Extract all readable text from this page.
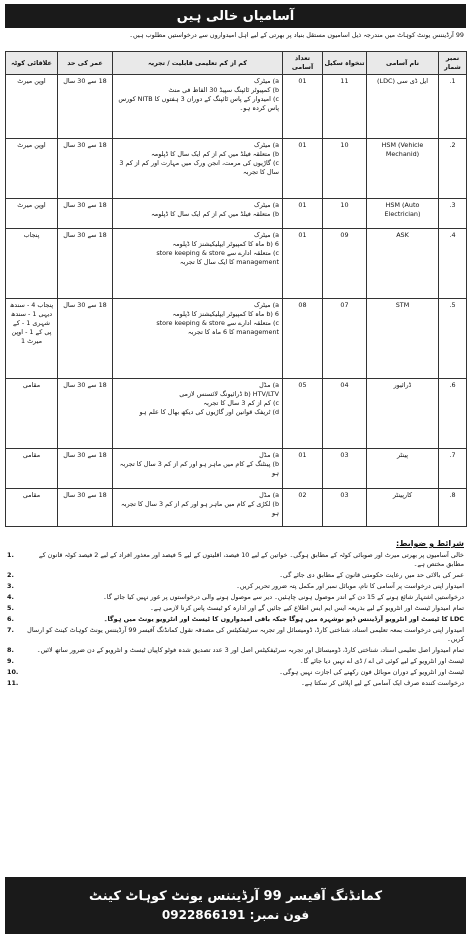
آسامیاں خالی ہیں
99 آرڈیننس یونٹ کوہاٹ میں مندرجہ ذیل اسامیوں مستقل بنیاد پر بھرتی کے لیے اہل امیدواروں سے درخواستیں مطلوب ہیں۔
نمبر شمار	نام آسامی	تنخواہ سکیل	تعداد آسامی	کم از کم تعلیمی قابلیت / تجربہ	عمر کی حد	علاقائی کوٹہ
1.	ایل ڈی سی (LDC)	11	01	a) میٹرک

b) کمپیوٹر ٹائپنگ سپیڈ 30 الفاظ فی منٹ

c) امیدوار کے پاس ٹائپنگ کے دوران 3 ہفتوں کا NITB کورس پاس کردہ ہو۔	18 سے 30 سال	اوپن میرٹ
2.	HSM (Vehicle Mechanid)	10	01	a) میٹرک

b) متعلقہ فیلڈ میں کم از کم ایک سال کا ڈپلومہ

c) گاڑیوں کی مرمت، انجن ورک میں مہارت اور کم از کم 3 سال کا تجربہ	18 سے 30 سال	اوپن میرٹ
3.	HSM (Auto Electrician)	10	01	a) میٹرک

b) متعلقہ فیلڈ میں کم از کم ایک سال کا ڈپلومہ	18 سے 30 سال	اوپن میرٹ
4.	ASK	09	01	a) میٹرک

b) 6 ماہ کا کمپیوٹر ایپلیکیشنز کا ڈپلومہ

c) متعلقہ ادارے سے store keeping & store management کا ایک سال کا تجربہ	18 سے 30 سال	پنجاب
5.	STM	07	08	a) میٹرک

b) 6 ماہ کا کمپیوٹر ایپلیکیشنز کا ڈپلومہ

c) متعلقہ ادارے سے store keeping & store management کا 6 ماہ کا تجربہ	18 سے 30 سال	پنجاب 4 - سندھ دیہی 1 - سندھ شہری 1 - کے پی کے 1 - اوپن میرٹ 1
6.	ڈرائیور	04	05	a) مڈل

b) HTV/LTV ڈرائیونگ لائسنس لازمی

c) کم از کم 3 سال کا تجربہ

d) ٹریفک قوانین اور گاڑیوں کی دیکھ بھال کا علم ہو	18 سے 30 سال	مقامی
7.	پینٹر	03	01	a) مڈل

b) پینٹنگ کے کام میں ماہر ہو اور کم از کم 3 سال کا تجربہ ہو	18 سے 30 سال	مقامی
8.	کارپینٹر	03	02	a) مڈل

b) لکڑی کے کام میں ماہر ہو اور کم از کم 3 سال کا تجربہ ہو	18 سے 30 سال	مقامی
شرائط و ضوابط:
خالی آسامیوں پر بھرتی میرٹ اور صوبائی کوٹہ کے مطابق ہوگی۔ خواتین کے لیے 10 فیصد، اقلیتوں کے لیے 5 فیصد اور معذور افراد کے لیے 2 فیصد کوٹہ قانون کے مطابق مختص ہے۔
1.
عمر کی بالائی حد میں رعایت حکومتی قانون کے مطابق دی جائے گی۔
2.
امیدوار اپنی درخواست پر آسامی کا نام، موبائل نمبر اور مکمل پتہ ضرور تحریر کریں۔
3.
درخواستیں اشتہار شائع ہونے کے 15 دن کے اندر موصول ہونی چاہئیں۔ دیر سے موصول ہونے والی درخواستوں پر غور نہیں کیا جائے گا۔
4.
تمام امیدوار ٹیسٹ اور انٹرویو کے لیے بذریعہ ایس ایم ایس اطلاع کیے جائیں گے اور ادارہ کو ٹیسٹ پاس کرنا لازمی ہے۔
5.
LDC کا ٹیسٹ اور انٹرویو آرڈیننس ڈپو نوشہرہ میں ہوگا جبکہ باقی امیدواروں کا ٹیسٹ اور انٹرویو یونٹ میں ہوگا۔
6.
امیدوار اپنی درخواست بمعہ تعلیمی اسناد، شناختی کارڈ، ڈومیسائل اور تجربہ سرٹیفکیٹس کی مصدقہ نقول کمانڈنگ آفیسر 99 آرڈیننس یونٹ کوہاٹ کینٹ کو ارسال کریں۔
7.
تمام امیدوار اصل تعلیمی اسناد، شناختی کارڈ، ڈومیسائل اور تجربہ سرٹیفکیٹس اصل اور 3 عدد تصدیق شدہ فوٹو کاپیاں ٹیسٹ و انٹرویو کے دن ضرور ساتھ لائیں۔
8.
ٹیسٹ اور انٹرویو کے لیے کوئی ٹی اے / ڈی اے نہیں دیا جائے گا۔
9.
ٹیسٹ اور انٹرویو کے دوران موبائل فون رکھنے کی اجازت نہیں ہوگی۔
10.
درخواست کنندہ صرف ایک آسامی کے لیے اپلائی کر سکتا ہے۔
11.
کمانڈنگ آفیسر 99 آرڈیننس یونٹ کوہاٹ کینٹ
فون نمبر: 0922866191
